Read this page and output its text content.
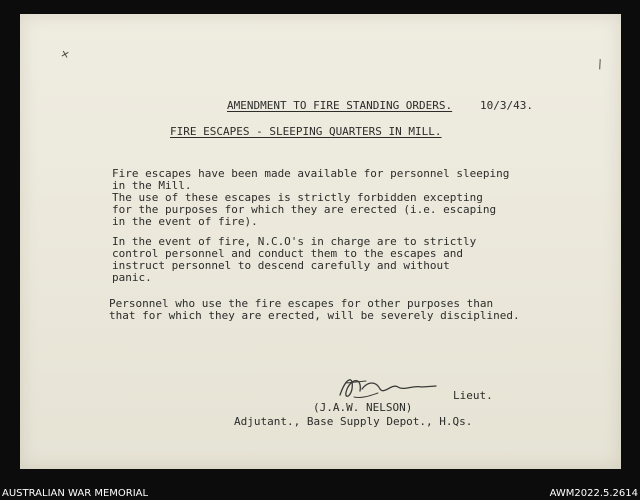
+
\
AMENDMENT TO FIRE STANDING ORDERS.	10/3/43.
FIRE ESCAPES - SLEEPING QUARTERS IN MILL.
Fire escapes have been made available for personnel sleeping
in the Mill.
The use of these escapes is strictly forbidden excepting
for the purposes for which they are erected (i.e. escaping
in the event of fire).
In the event of fire, N.C.O's in charge are to strictly
control personnel and conduct them to the escapes and
instruct personnel to descend carefully and without
panic.
Personnel who use the fire escapes for other purposes than
that for which they are erected, will be severely disciplined.
Lieut.
(J.A.W. NELSON)
Adjutant., Base Supply Depot., H.Qs.
AUSTRALIAN WAR MEMORIAL	AWM2022.5.2614
